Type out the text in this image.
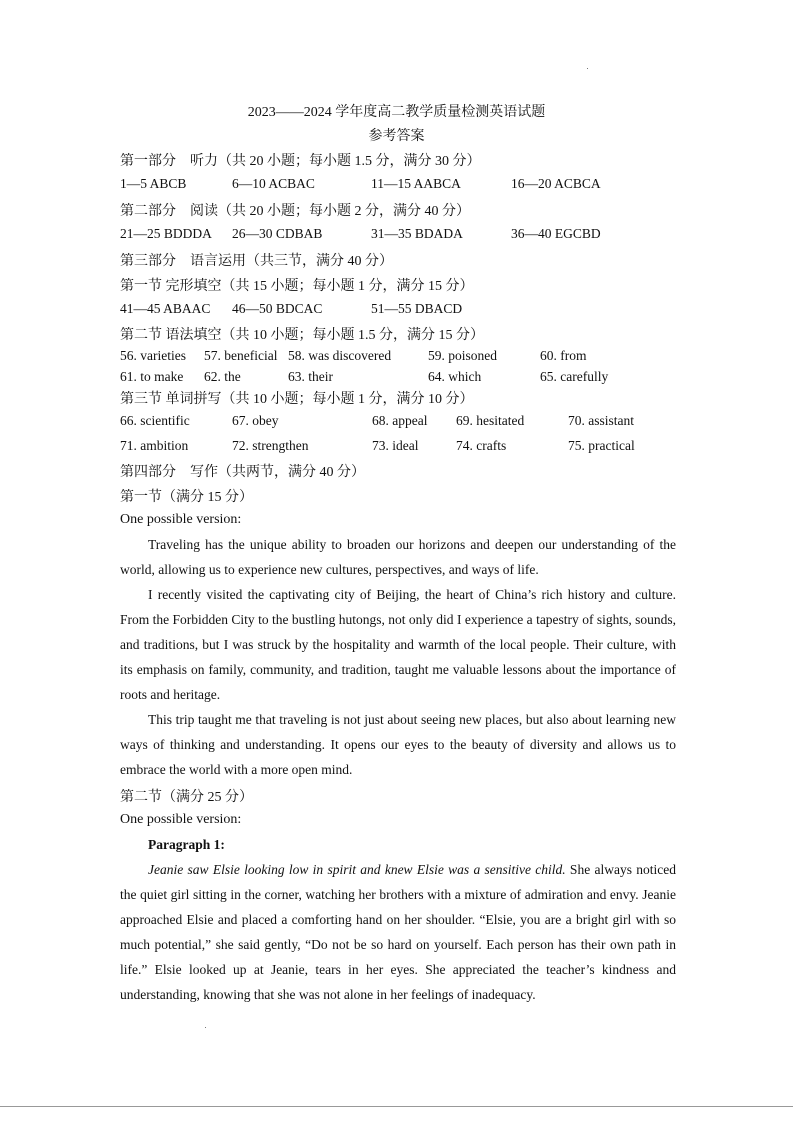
2023——2024 学年度高二教学质量检测英语试题
参考答案
第一部分　听力（共 20 小题；每小题 1.5 分，满分 30 分）
1—5 ABCB	6—10 ACBAC	11—15 AABCA	16—20 ACBCA
第二部分　阅读（共 20 小题；每小题 2 分，满分 40 分）
21—25 BDDDA 26—30 CDBAB	31—35 BDADA	36—40 EGCBD
第三部分　语言运用（共三节，满分 40 分）
第一节 完形填空（共 15 小题；每小题 1 分，满分 15 分）
41—45 ABAAC 46—50 BDCAC	51—55 DBACD
第二节 语法填空（共 10 小题；每小题 1.5 分，满分 15 分）
56. varieties 57. beneficial 58. was discovered	59. poisoned	60. from
61. to make 62. the	63. their	64. which	65. carefully
第三节 单词拼写（共 10 小题；每小题 1 分，满分 10 分）
66. scientific	67. obey	68. appeal 69. hesitated	70. assistant
71. ambition	72. strengthen	73. ideal	74. crafts	75. practical
第四部分　写作（共两节，满分 40 分）
第一节（满分 15 分）
One possible version:
Traveling has the unique ability to broaden our horizons and deepen our understanding of the world, allowing us to experience new cultures, perspectives, and ways of life.
I recently visited the captivating city of Beijing, the heart of China’s rich history and culture. From the Forbidden City to the bustling hutongs, not only did I experience a tapestry of sights, sounds, and traditions, but I was struck by the hospitality and warmth of the local people. Their culture, with its emphasis on family, community, and tradition, taught me valuable lessons about the importance of roots and heritage.
This trip taught me that traveling is not just about seeing new places, but also about learning new ways of thinking and understanding. It opens our eyes to the beauty of diversity and allows us to embrace the world with a more open mind.
第二节（满分 25 分）
One possible version:
Paragraph 1:
Jeanie saw Elsie looking low in spirit and knew Elsie was a sensitive child. She always noticed the quiet girl sitting in the corner, watching her brothers with a mixture of admiration and envy. Jeanie approached Elsie and placed a comforting hand on her shoulder. “Elsie, you are a bright girl with so much potential,” she said gently, “Do not be so hard on yourself. Each person has their own path in life.” Elsie looked up at Jeanie, tears in her eyes. She appreciated the teacher’s kindness and understanding, knowing that she was not alone in her feelings of inadequacy.
